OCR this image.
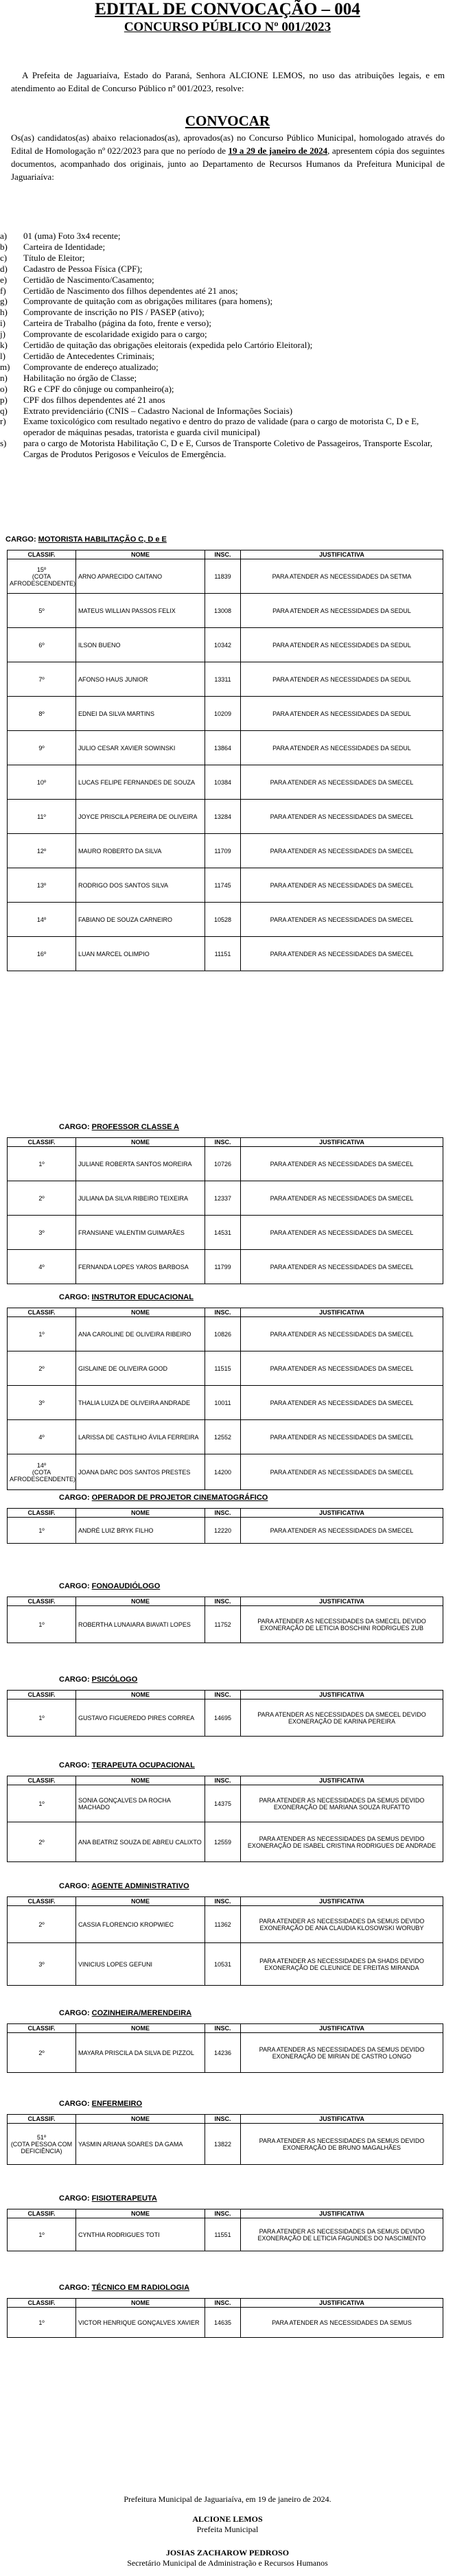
EDITAL DE CONVOCAÇÃO – 004
CONCURSO PÚBLICO Nº 001/2023
A Prefeita de Jaguariaíva, Estado do Paraná, Senhora ALCIONE LEMOS, no uso das atribuições legais, e em atendimento ao Edital de Concurso Público nº 001/2023, resolve:
CONVOCAR
Os(as) candidatos(as) abaixo relacionados(as), aprovados(as) no Concurso Público Municipal, homologado através do Edital de Homologação nº 022/2023 para que no período de 19 a 29 de janeiro de 2024, apresentem cópia dos seguintes documentos, acompanhado dos originais, junto ao Departamento de Recursos Humanos da Prefeitura Municipal de Jaguariaíva:
a)	01 (uma) Foto 3x4 recente;
b)	Carteira de Identidade;
c)	Título de Eleitor;
d)	Cadastro de Pessoa Física (CPF);
e)	Certidão de Nascimento/Casamento;
f)	Certidão de Nascimento dos filhos dependentes até 21 anos;
g)	Comprovante de quitação com as obrigações militares (para homens);
h)	Comprovante de inscrição no PIS / PASEP (ativo);
i)	Carteira de Trabalho (página da foto, frente e verso);
j)	Comprovante de escolaridade exigido para o cargo;
k)	Certidão de quitação das obrigações eleitorais (expedida pelo Cartório Eleitoral);
l)	Certidão de Antecedentes Criminais;
m)	Comprovante de endereço atualizado;
n)	Habilitação no órgão de Classe;
o)	RG e CPF do cônjuge ou companheiro(a);
p)	CPF dos filhos dependentes até 21 anos
q)	Extrato previdenciário (CNIS – Cadastro Nacional de Informações Sociais)
r)	Exame toxicológico com resultado negativo e dentro do prazo de validade (para o cargo de motorista C, D e E, operador de máquinas pesadas, tratorista e guarda civil municipal)
s)	para o cargo de Motorista Habilitação C, D e E, Cursos de Transporte Coletivo de Passageiros, Transporte Escolar, Cargas de Produtos Perigosos e Veículos de Emergência.
CARGO: MOTORISTA HABILITAÇÃO C, D e E
CLASSIF.	NOME	INSC.	JUSTIFICATIVA
15º
(COTA AFRODESCENDENTE)	ARNO APARECIDO CAITANO	11839	PARA ATENDER AS NECESSIDADES DA SETMA
5º	MATEUS WILLIAN PASSOS FELIX	13008	PARA ATENDER AS NECESSIDADES DA SEDUL
6º	ILSON BUENO	10342	PARA ATENDER AS NECESSIDADES DA SEDUL
7º	AFONSO HAUS JUNIOR	13311	PARA ATENDER AS NECESSIDADES DA SEDUL
8º	EDNEI DA SILVA MARTINS	10209	PARA ATENDER AS NECESSIDADES DA SEDUL
9º	JULIO CESAR XAVIER SOWINSKI	13864	PARA ATENDER AS NECESSIDADES DA SEDUL
10º	LUCAS FELIPE FERNANDES DE SOUZA	10384	PARA ATENDER AS NECESSIDADES DA SMECEL
11º	JOYCE PRISCILA PEREIRA DE OLIVEIRA	13284	PARA ATENDER AS NECESSIDADES DA SMECEL
12º	MAURO ROBERTO DA SILVA	11709	PARA ATENDER AS NECESSIDADES DA SMECEL
13º	RODRIGO DOS SANTOS SILVA	11745	PARA ATENDER AS NECESSIDADES DA SMECEL
14º	FABIANO DE SOUZA CARNEIRO	10528	PARA ATENDER AS NECESSIDADES DA SMECEL
16º	LUAN MARCEL OLIMPIO	11151	PARA ATENDER AS NECESSIDADES DA SMECEL
CARGO: PROFESSOR CLASSE A
CLASSIF.	NOME	INSC.	JUSTIFICATIVA
1º	JULIANE ROBERTA SANTOS MOREIRA	10726	PARA ATENDER AS NECESSIDADES DA SMECEL
2º	JULIANA DA SILVA RIBEIRO TEIXEIRA	12337	PARA ATENDER AS NECESSIDADES DA SMECEL
3º	FRANSIANE VALENTIM GUIMARÃES	14531	PARA ATENDER AS NECESSIDADES DA SMECEL
4º	FERNANDA LOPES YAROS BARBOSA	11799	PARA ATENDER AS NECESSIDADES DA SMECEL
CARGO: INSTRUTOR EDUCACIONAL
CLASSIF.	NOME	INSC.	JUSTIFICATIVA
1º	ANA CAROLINE DE OLIVEIRA RIBEIRO	10826	PARA ATENDER AS NECESSIDADES DA SMECEL
2º	GISLAINE DE OLIVEIRA GOOD	11515	PARA ATENDER AS NECESSIDADES DA SMECEL
3º	THALIA LUIZA DE OLIVEIRA ANDRADE	10011	PARA ATENDER AS NECESSIDADES DA SMECEL
4º	LARISSA DE CASTILHO ÁVILA FERREIRA	12552	PARA ATENDER AS NECESSIDADES DA SMECEL
14º
(COTA AFRODESCENDENTE)	JOANA DARC DOS SANTOS PRESTES	14200	PARA ATENDER AS NECESSIDADES DA SMECEL
CARGO: OPERADOR DE PROJETOR CINEMATOGRÁFICO
CLASSIF.	NOME	INSC.	JUSTIFICATIVA
1º	ANDRÉ LUIZ BRYK FILHO	12220	PARA ATENDER AS NECESSIDADES DA SMECEL
CARGO: FONOAUDIÓLOGO
CLASSIF.	NOME	INSC.	JUSTIFICATIVA
1º	ROBERTHA LUNAIARA BIAVATI LOPES	11752	PARA ATENDER AS NECESSIDADES DA SMECEL DEVIDO EXONERAÇÃO DE LETICIA BOSCHINI RODRIGUES ZUB
CARGO: PSICÓLOGO
CLASSIF.	NOME	INSC.	JUSTIFICATIVA
1º	GUSTAVO FIGUEREDO PIRES CORREA	14695	PARA ATENDER AS NECESSIDADES DA SMECEL DEVIDO EXONERAÇÃO DE KARINA PEREIRA
CARGO: TERAPEUTA OCUPACIONAL
CLASSIF.	NOME	INSC.	JUSTIFICATIVA
1º	SONIA GONÇALVES DA ROCHA MACHADO	14375	PARA ATENDER AS NECESSIDADES DA SEMUS DEVIDO EXONERAÇÃO DE MARIANA SOUZA RUFATTO
2º	ANA BEATRIZ SOUZA DE ABREU CALIXTO	12559	PARA ATENDER AS NECESSIDADES DA SEMUS DEVIDO EXONERAÇÃO DE ISABEL CRISTINA RODRIGUES DE ANDRADE
CARGO: AGENTE ADMINISTRATIVO
CLASSIF.	NOME	INSC.	JUSTIFICATIVA
2º	CASSIA FLORENCIO KROPWIEC	11362	PARA ATENDER AS NECESSIDADES DA SEMUS DEVIDO EXONERAÇÃO DE ANA CLAUDIA KLOSOWSKI WORUBY
3º	VINICIUS LOPES GEFUNI	10531	PARA ATENDER AS NECESSIDADES DA SHADS DEVIDO EXONERAÇÃO DE CLEUNICE DE FREITAS MIRANDA
CARGO: COZINHEIRA/MERENDEIRA
CLASSIF.	NOME	INSC.	JUSTIFICATIVA
2º	MAYARA PRISCILA DA SILVA DE PIZZOL	14236	PARA ATENDER AS NECESSIDADES DA SEMUS DEVIDO EXONERAÇÃO DE MIRIAN DE CASTRO LONGO
CARGO: ENFERMEIRO
CLASSIF.	NOME	INSC.	JUSTIFICATIVA
51º
(COTA PESSOA COM DEFICIÊNCIA)	YASMIN ARIANA SOARES DA GAMA	13822	PARA ATENDER AS NECESSIDADES DA SEMUS DEVIDO EXONERAÇÃO DE BRUNO MAGALHÃES
CARGO: FISIOTERAPEUTA
CLASSIF.	NOME	INSC.	JUSTIFICATIVA
1º	CYNTHIA RODRIGUES TOTI	11551	PARA ATENDER AS NECESSIDADES DA SEMUS DEVIDO EXONERAÇÃO DE LETICIA FAGUNDES DO NASCIMENTO
CARGO: TÉCNICO EM RADIOLOGIA
CLASSIF.	NOME	INSC.	JUSTIFICATIVA
1º	VICTOR HENRIQUE GONÇALVES XAVIER	14635	PARA ATENDER AS NECESSIDADES DA SEMUS
Prefeitura Municipal de Jaguariaíva, em 19 de janeiro de 2024.
ALCIONE LEMOS
Prefeita Municipal
JOSIAS ZACHAROW PEDROSO
Secretário Municipal de Administração e Recursos Humanos
